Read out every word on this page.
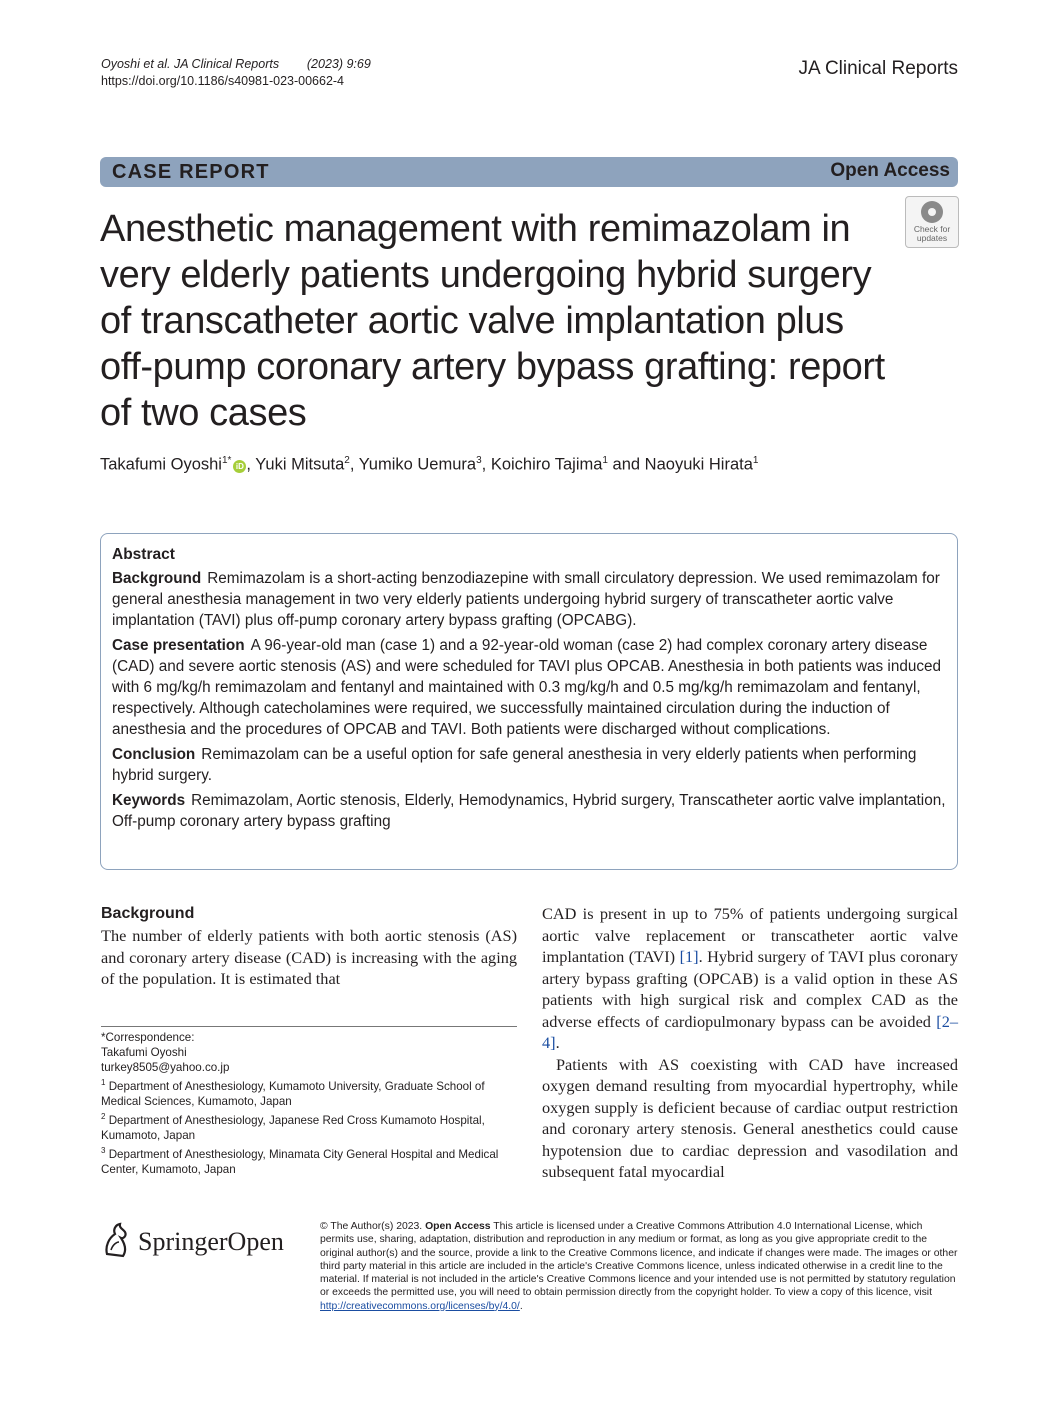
Oyoshi et al. JA Clinical Reports (2023) 9:69
https://doi.org/10.1186/s40981-023-00662-4
JA Clinical Reports
CASE REPORT	Open Access
Anesthetic management with remimazolam in very elderly patients undergoing hybrid surgery of transcatheter aortic valve implantation plus off-pump coronary artery bypass grafting: report of two cases
Check for
updates
Takafumi Oyoshi$^{1*}$ iD , Yuki Mitsuta$^2$, Yumiko Uemura$^3$, Koichiro Tajima$^1$ and Naoyuki Hirata$^1$
Abstract

Background Remimazolam is a short-acting benzodiazepine with small circulatory depression. We used remimazolam for general anesthesia management in two very elderly patients undergoing hybrid surgery of transcatheter aortic valve implantation (TAVI) plus off-pump coronary artery bypass grafting (OPCABG).

Case presentation A 96-year-old man (case 1) and a 92-year-old woman (case 2) had complex coronary artery disease (CAD) and severe aortic stenosis (AS) and were scheduled for TAVI plus OPCAB. Anesthesia in both patients was induced with 6 mg/kg/h remimazolam and fentanyl and maintained with 0.3 mg/kg/h and 0.5 mg/kg/h remimazolam and fentanyl, respectively. Although catecholamines were required, we successfully maintained circulation during the induction of anesthesia and the procedures of OPCAB and TAVI. Both patients were discharged without complications.

Conclusion Remimazolam can be a useful option for safe general anesthesia in very elderly patients when performing hybrid surgery.

Keywords Remimazolam, Aortic stenosis, Elderly, Hemodynamics, Hybrid surgery, Transcatheter aortic valve implantation, Off-pump coronary artery bypass grafting

Background
The number of elderly patients with both aortic stenosis (AS) and coronary artery disease (CAD) is increasing with the aging of the population. It is estimated that

CAD is present in up to 75% of patients undergoing surgical aortic valve replacement or transcatheter aortic valve implantation (TAVI) [1]. Hybrid surgery of TAVI plus coronary artery bypass grafting (OPCAB) is a valid option in these AS patients with high surgical risk and complex CAD as the adverse effects of cardiopulmonary bypass can be avoided [2–4].

Patients with AS coexisting with CAD have increased oxygen demand resulting from myocardial hypertrophy, while oxygen supply is deficient because of cardiac output restriction and coronary artery stenosis. General anesthetics could cause hypotension due to cardiac depression and vasodilation and subsequent fatal myocardial

*Correspondence:
Takafumi Oyoshi
turkey8505@yahoo.co.jp
$^1$ Department of Anesthesiology, Kumamoto University, Graduate School of Medical Sciences, Kumamoto, Japan
$^2$ Department of Anesthesiology, Japanese Red Cross Kumamoto Hospital, Kumamoto, Japan
$^3$ Department of Anesthesiology, Minamata City General Hospital and Medical Center, Kumamoto, Japan
SpringerOpen
© The Author(s) 2023. Open Access This article is licensed under a Creative Commons Attribution 4.0 International License, which permits use, sharing, adaptation, distribution and reproduction in any medium or format, as long as you give appropriate credit to the original author(s) and the source, provide a link to the Creative Commons licence, and indicate if changes were made. The images or other third party material in this article are included in the article's Creative Commons licence, unless indicated otherwise in a credit line to the material. If material is not included in the article's Creative Commons licence and your intended use is not permitted by statutory regulation or exceeds the permitted use, you will need to obtain permission directly from the copyright holder. To view a copy of this licence, visit http://creativecommons.org/licenses/by/4.0/.
